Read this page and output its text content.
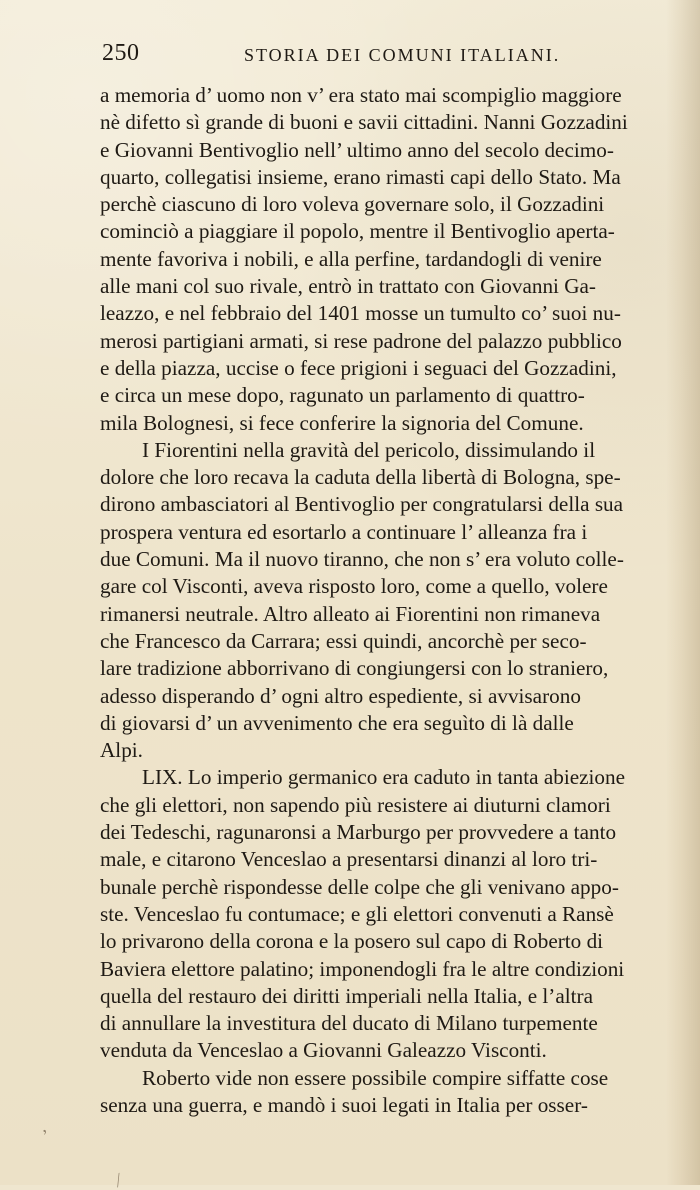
250	STORIA DEI COMUNI ITALIANI.
a memoria d’ uomo non v’ era stato mai scompiglio maggiore
nè difetto sì grande di buoni e savii cittadini. Nanni Gozzadini
e Giovanni Bentivoglio nell’ ultimo anno del secolo decimo-
quarto, collegatisi insieme, erano rimasti capi dello Stato. Ma
perchè ciascuno di loro voleva governare solo, il Gozzadini
cominciò a piaggiare il popolo, mentre il Bentivoglio aperta-
mente favoriva i nobili, e alla perfine, tardandogli di venire
alle mani col suo rivale, entrò in trattato con Giovanni Ga-
leazzo, e nel febbraio del 1401 mosse un tumulto co’ suoi nu-
merosi partigiani armati, si rese padrone del palazzo pubblico
e della piazza, uccise o fece prigioni i seguaci del Gozzadini,
e circa un mese dopo, ragunato un parlamento di quattro-
mila Bolognesi, si fece conferire la signoria del Comune.
I Fiorentini nella gravità del pericolo, dissimulando il
dolore che loro recava la caduta della libertà di Bologna, spe-
dirono ambasciatori al Bentivoglio per congratularsi della sua
prospera ventura ed esortarlo a continuare l’ alleanza fra i
due Comuni. Ma il nuovo tiranno, che non s’ era voluto colle-
gare col Visconti, aveva risposto loro, come a quello, volere
rimanersi neutrale. Altro alleato ai Fiorentini non rimaneva
che Francesco da Carrara; essi quindi, ancorchè per seco-
lare tradizione abborrivano di congiungersi con lo straniero,
adesso disperando d’ ogni altro espediente, si avvisarono
di giovarsi d’ un avvenimento che era seguìto di là dalle
Alpi.
LIX. Lo imperio germanico era caduto in tanta abiezione
che gli elettori, non sapendo più resistere ai diuturni clamori
dei Tedeschi, ragunaronsi a Marburgo per provvedere a tanto
male, e citarono Venceslao a presentarsi dinanzi al loro tri-
bunale perchè rispondesse delle colpe che gli venivano appo-
ste. Venceslao fu contumace; e gli elettori convenuti a Ransè
lo privarono della corona e la posero sul capo di Roberto di
Baviera elettore palatino; imponendogli fra le altre condizioni
quella del restauro dei diritti imperiali nella Italia, e l’altra
di annullare la investitura del ducato di Milano turpemente
venduta da Venceslao a Giovanni Galeazzo Visconti.
Roberto vide non essere possibile compire siffatte cose
senza una guerra, e mandò i suoi legati in Italia per osser-
‚
⁄
